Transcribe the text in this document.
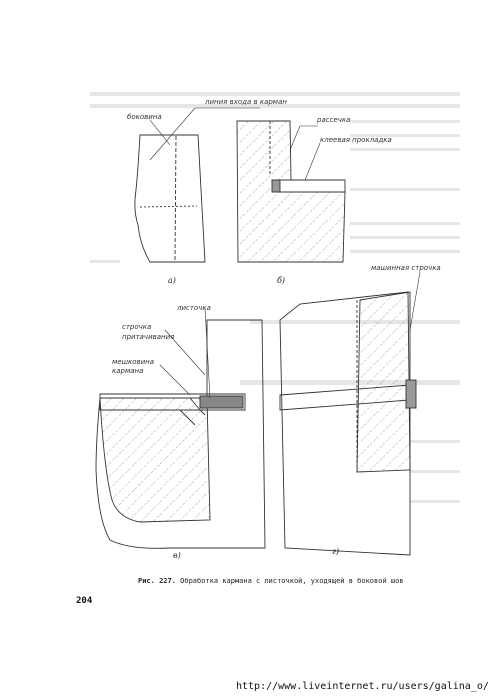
линия входа в карман
боковина
а)
рассечка
клеевая прокладка
б)
листочка
строчка
притачивания
мешковина
кармана
в)
машинная строчка
г)
Рис. 227. Обработка кармана с листочкой, уходящей в боковой шов
204
http://www.liveinternet.ru/users/galina_o/
